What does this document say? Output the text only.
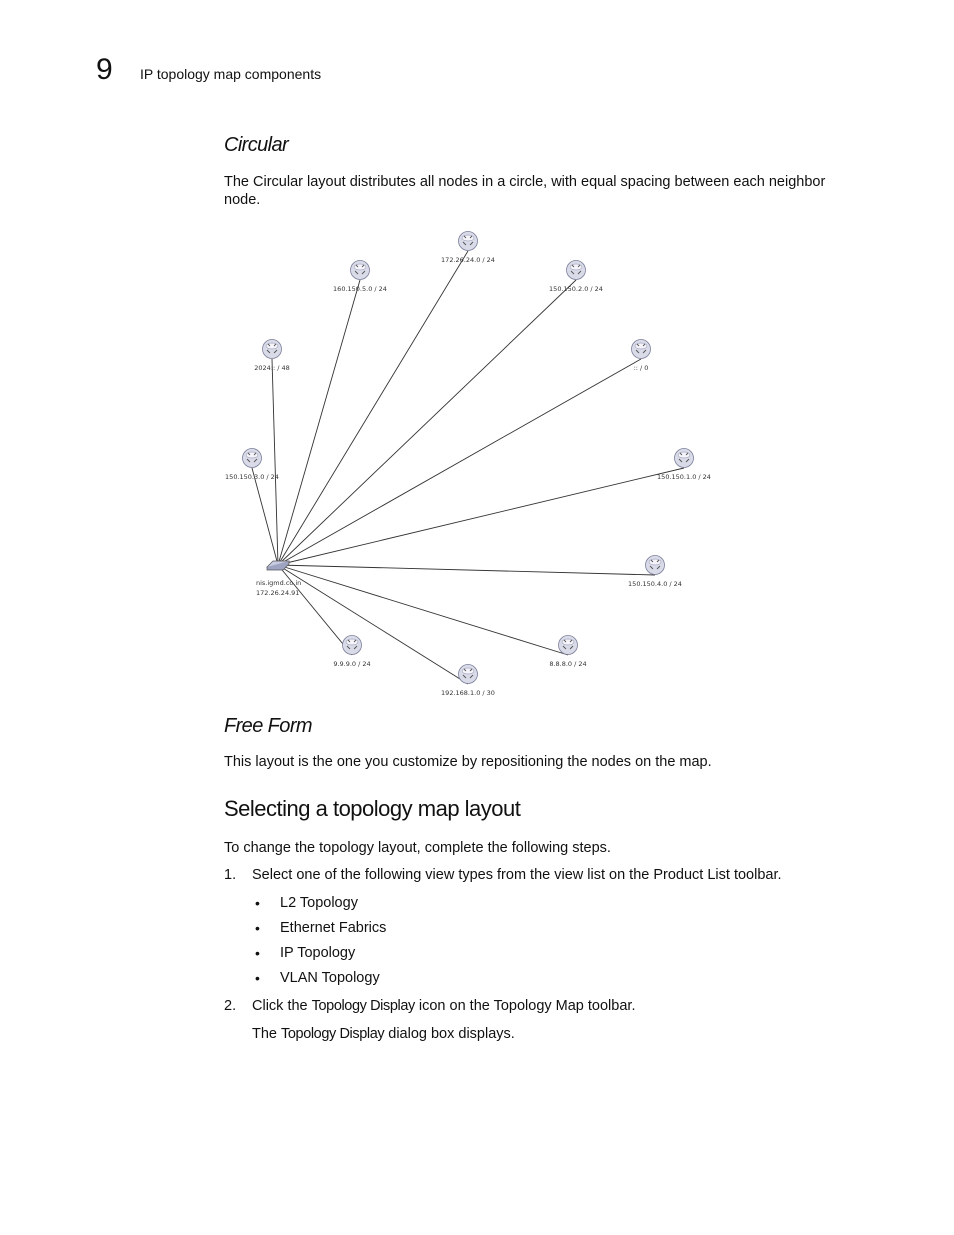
9 IP topology map components
Circular
The Circular layout distributes all nodes in a circle, with equal spacing between each neighbor node.
172.26.24.0 / 24
160.150.5.0 / 24	150.150.2.0 / 24
2024:: / 48	:: / 0
150.150.3.0 / 24	150.150.1.0 / 24
150.150.4.0 / 24
9.9.9.0 / 24	8.8.8.0 / 24
192.168.1.0 / 30
nis.igmd.co.in
172.26.24.91
Free Form
This layout is the one you customize by repositioning the nodes on the map.
Selecting a topology map layout
To change the topology layout, complete the following steps.
1. Select one of the following view types from the view list on the Product List toolbar.
• L2 Topology
• Ethernet Fabrics
• IP Topology
• VLAN Topology
2. Click the Topology Display icon on the Topology Map toolbar.
The Topology Display dialog box displays.
